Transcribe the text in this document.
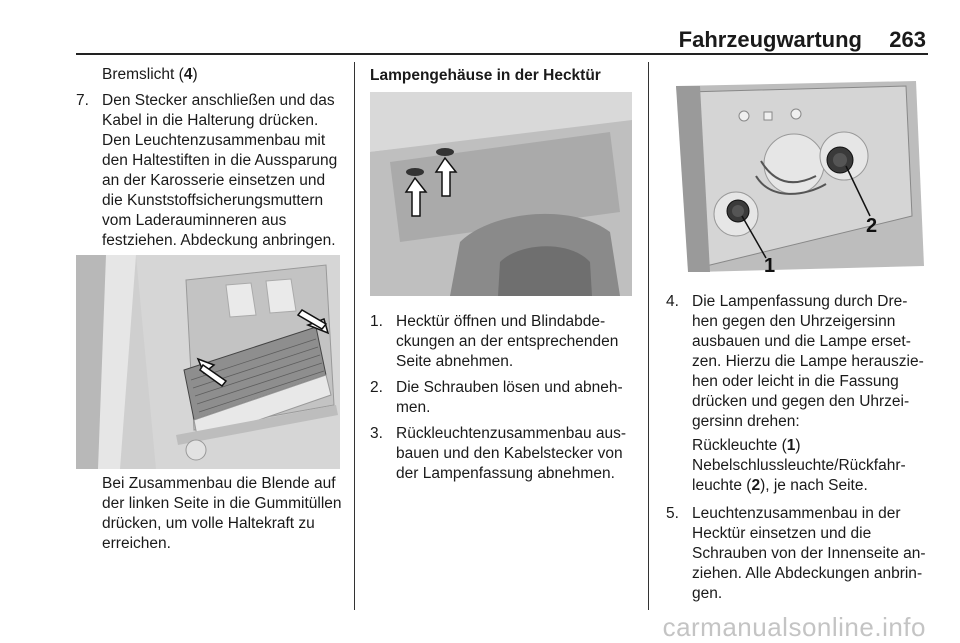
Fahrzeugwartung 263

Bremslicht (4)

7. Den Stecker anschließen und das Kabel in die Halterung drücken. Den Leuchtenzusammenbau mit den Haltestiften in die Aussparung an der Karosserie einsetzen und die Kunststoffsicherungsmuttern vom Laderauminneren aus festziehen. Abdeckung anbringen.

Bei Zusammenbau die Blende auf der linken Seite in die Gummitüllen drücken, um volle Haltekraft zu erreichen.

Lampengehäuse in der Hecktür

1. Hecktür öffnen und Blindabdeckungen an der entsprechenden Seite abnehmen.
2. Die Schrauben lösen und abnehmen.
3. Rückleuchtenzusammenbau ausbauen und den Kabelstecker von der Lampenfassung abnehmen.
1
2
4. Die Lampenfassung durch Drehen gegen den Uhrzeigersinn ausbauen und die Lampe ersetzen. Hierzu die Lampe herausziehen oder leicht in die Fassung drücken und gegen den Uhrzeigersinn drehen:

Rückleuchte (1)

Nebelschlussleuchte/Rückfahrleuchte (2), je nach Seite.

5. Leuchtenzusammenbau in der Hecktür einsetzen und die Schrauben von der Innenseite anziehen. Alle Abdeckungen anbringen.
carmanualsonline.info
